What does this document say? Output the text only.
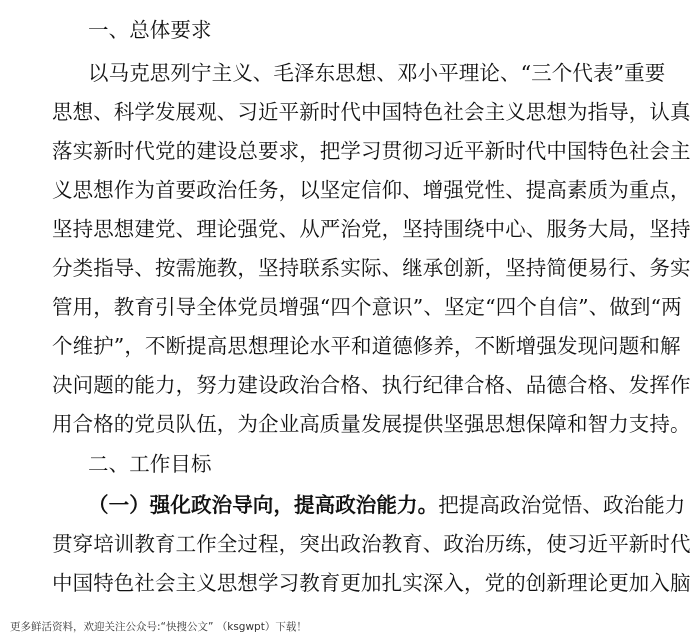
一、总体要求
以马克思列宁主义、毛泽东思想、邓小平理论、“三个代表”重要
思想、科学发展观、习近平新时代中国特色社会主义思想为指导，认真
落实新时代党的建设总要求，把学习贯彻习近平新时代中国特色社会主
义思想作为首要政治任务，以坚定信仰、增强党性、提高素质为重点，
坚持思想建党、理论强党、从严治党，坚持围绕中心、服务大局，坚持
分类指导、按需施教，坚持联系实际、继承创新，坚持简便易行、务实
管用，教育引导全体党员增强“四个意识”、坚定“四个自信”、做到“两
个维护”，不断提高思想理论水平和道德修养，不断增强发现问题和解
决问题的能力，努力建设政治合格、执行纪律合格、品德合格、发挥作
用合格的党员队伍，为企业高质量发展提供坚强思想保障和智力支持。
二、工作目标
（一）强化政治导向，提高政治能力。把提高政治觉悟、政治能力
贯穿培训教育工作全过程，突出政治教育、政治历练，使习近平新时代
中国特色社会主义思想学习教育更加扎实深入，党的创新理论更加入脑
更多鲜活资料，欢迎关注公众号:“快搜公文” （ksgwpt）下载！
